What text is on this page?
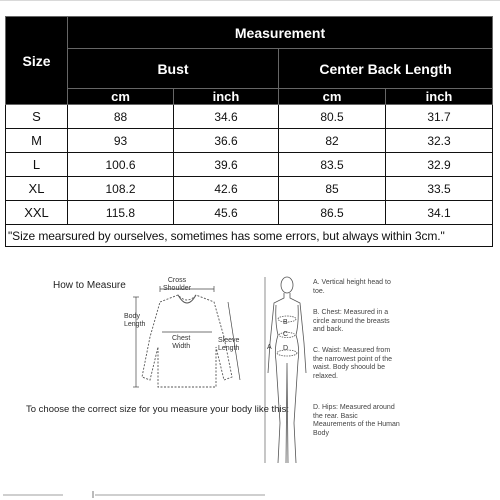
Size	Measurement			
	Bust		Center Back Length	
	cm	inch	cm	inch
S	88	34.6	80.5	31.7
M	93	36.6	82	32.3
L	100.6	39.6	83.5	32.9
XL	108.2	42.6	85	33.5
XXL	115.8	45.6	86.5	34.1
"Size mearsured by ourselves, sometimes has some errors, but always within 3cm."				
How to Measure	Cross
Shoulder
Body
Length
Chest
Width
Sleeve
Length
To choose the correct size for you measure your body like this:
A
B
C
D
A. Vertical height head to toe.
B. Chest: Measured in a circle around the breasts and back.
C. Waist: Measured from the narrowest point of the waist. Body shoould be relaxed.
D. Hips: Measured around the rear. Basic Meaurements of the Human Body
